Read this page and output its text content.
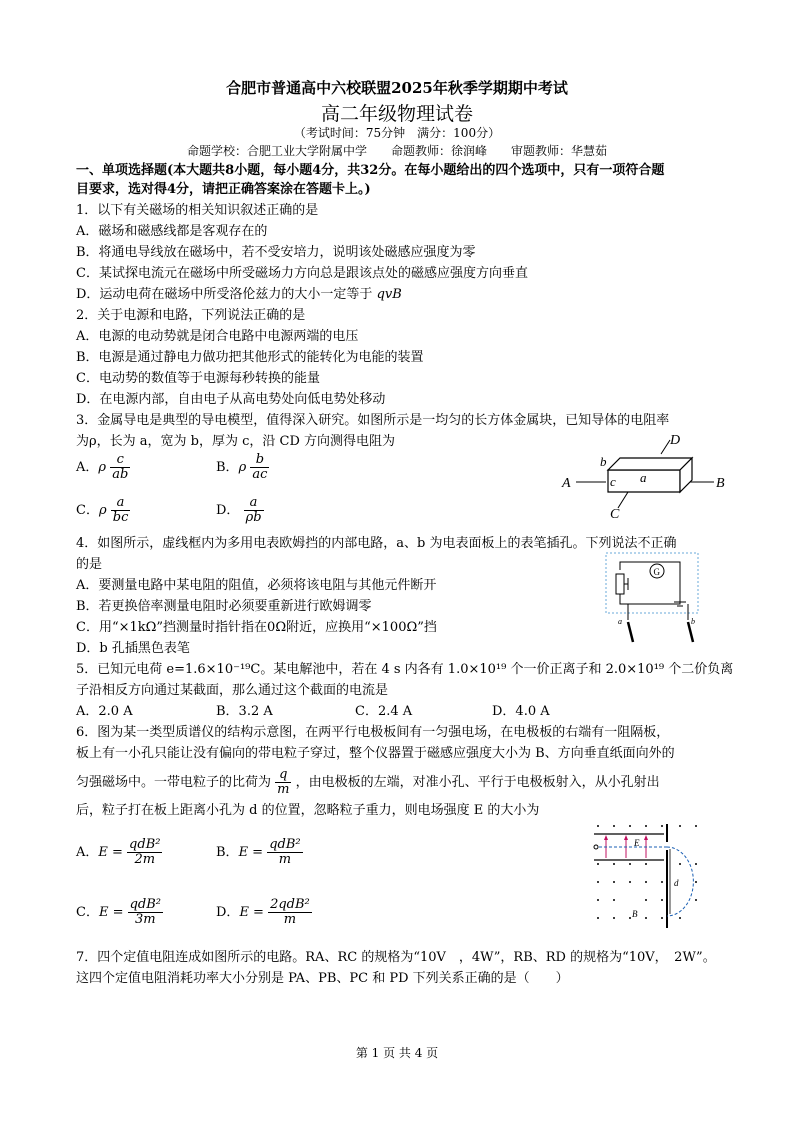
合肥市普通高中六校联盟2025年秋季学期期中考试
高二年级物理试卷
（考试时间：75分钟　满分：100分）
命题学校：合肥工业大学附属中学　　命题教师：徐润峰　　审题教师：华慧茹
一、单项选择题(本大题共8小题，每小题4分，共32分。在每小题给出的四个选项中，只有一项符合题
目要求，选对得4分，请把正确答案涂在答题卡上。)
1．以下有关磁场的相关知识叙述正确的是
A．磁场和磁感线都是客观存在的
B．将通电导线放在磁场中，若不受安培力，说明该处磁感应强度为零
C．某试探电流元在磁场中所受磁场力方向总是跟该点处的磁感应强度方向垂直
D．运动电荷在磁场中所受洛伦兹力的大小一定等于 qvB
2．关于电源和电路，下列说法正确的是
A．电源的电动势就是闭合电路中电源两端的电压
B．电源是通过静电力做功把其他形式的能转化为电能的装置
C．电动势的数值等于电源每秒转换的能量
D．在电源内部，自由电子从高电势处向低电势处移动
3．金属导电是典型的导电模型，值得深入研究。如图所示是一均匀的长方体金属块，已知导体的电阻率
为ρ，长为 a，宽为 b，厚为 c，沿 CD 方向测得电阻为
A．ρ $\frac{c}{ab}$	B．ρ $\frac{b}{ac}$
C．ρ $\frac{a}{bc}$	D． $\frac{a}{\rho b}$
A	B
C
D
b
a
c
4．如图所示，虚线框内为多用电表欧姆挡的内部电路，a、b 为电表面板上的表笔插孔。下列说法不正确
的是
A．要测量电路中某电阻的阻值，必须将该电阻与其他元件断开
B．若更换倍率测量电阻时必须要重新进行欧姆调零
C．用“×1kΩ”挡测量时指针指在0Ω附近，应换用“×100Ω”挡
D．b 孔插黑色表笔
G
a	b
5．已知元电荷 e=1.6×10⁻¹⁹C。某电解池中，若在 4 s 内各有 1.0×10¹⁹ 个一价正离子和 2.0×10¹⁹ 个二价负离
子沿相反方向通过某截面，那么通过这个截面的电流是
A．2.0 A	B．3.2 A	C．2.4 A	D．4.0 A
6．图为某一类型质谱仪的结构示意图，在两平行电极板间有一匀强电场，在电极板的右端有一阻隔板，
板上有一小孔只能让没有偏向的带电粒子穿过，整个仪器置于磁感应强度大小为 B、方向垂直纸面向外的
匀强磁场中。一带电粒子的比荷为 $\frac{q}{m}$ ，由电极板的左端，对准小孔、平行于电极板射入，从小孔射出
后，粒子打在板上距离小孔为 d 的位置，忽略粒子重力，则电场强度 E 的大小为
A．$E = \frac{\text{qdB²}}{2m}$	B．$E = \frac{\text{qdB²}}{m}$
C．$E = \frac{\text{qdB²}}{3m}$	D．$E = \frac{\text{2qdB²}}{m}$
E
d
B
7．四个定值电阻连成如图所示的电路。RA、RC 的规格为“10V　，4W”，RB、RD 的规格为“10V，　2W”。
这四个定值电阻消耗功率大小分别是 PA、PB、PC 和 PD 下列关系正确的是（　　）
第 1 页 共 4 页
